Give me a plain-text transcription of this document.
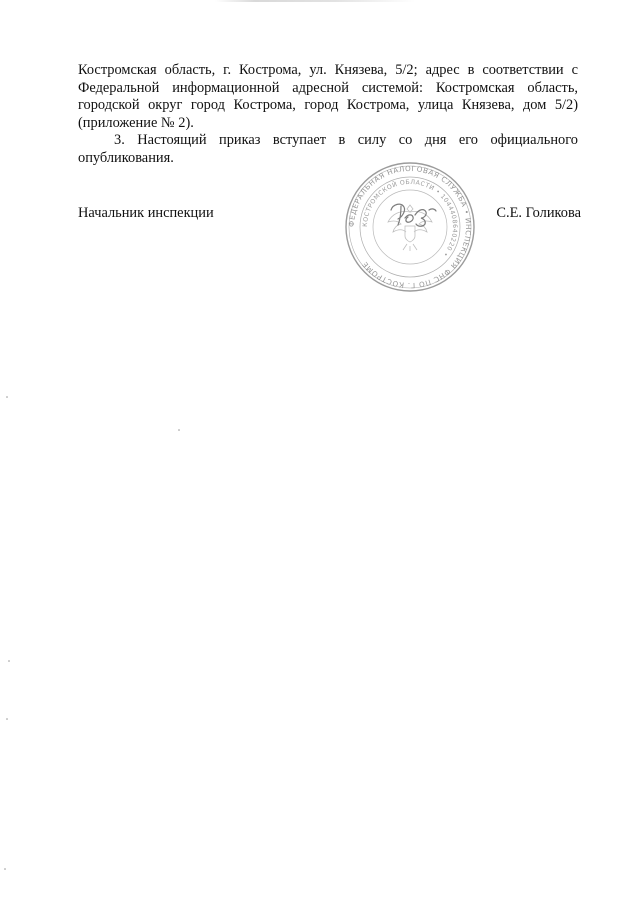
Костромская область, г. Кострома, ул. Князева, 5/2; адрес в соответствии с Федеральной информационной адресной системой: Костромская область, городской округ город Кострома, город Кострома, улица Князева, дом 5/2) (приложение № 2).

3. Настоящий приказ вступает в силу со дня его официального опубликования.

Начальник инспекции	С.Е. Голикова
ФЕДЕРАЛЬНАЯ НАЛОГОВАЯ СЛУЖБА • ИНСПЕКЦИЯ ФНС ПО Г. КОСТРОМЕ
КОСТРОМСКОЙ ОБЛАСТИ • 1044408640220 •
